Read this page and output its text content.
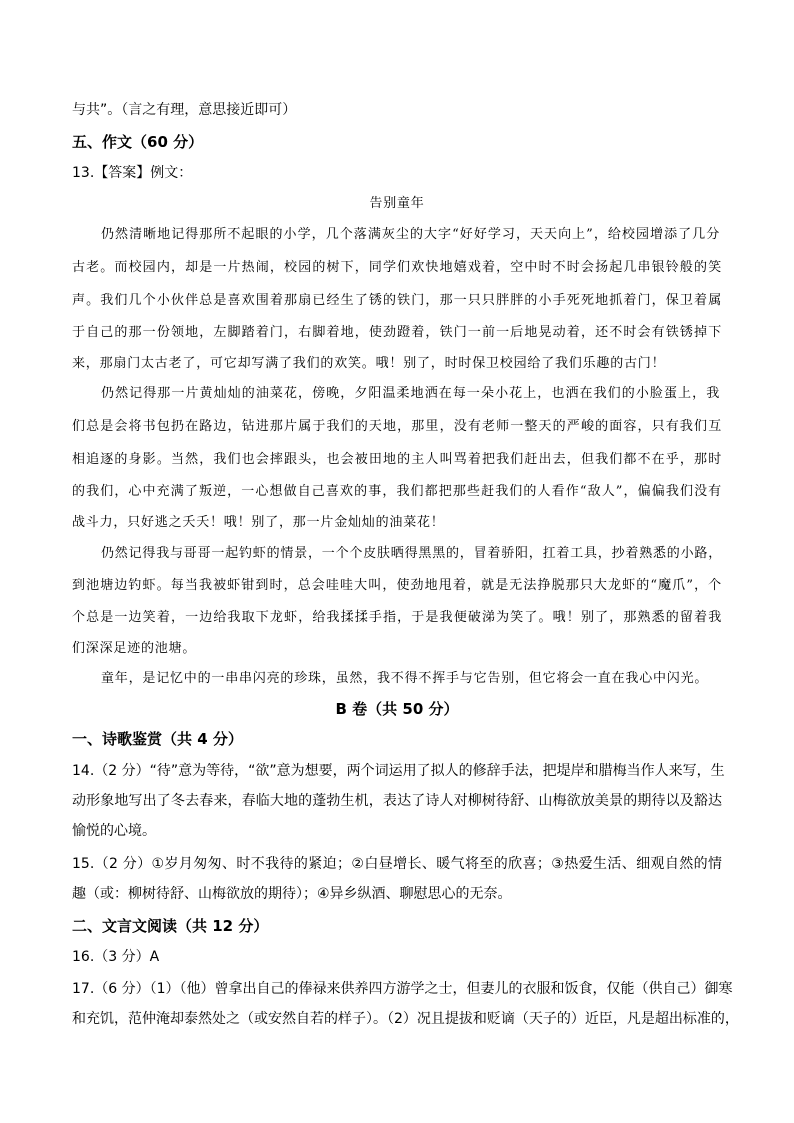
与共”。（言之有理，意思接近即可）
五、作文（60 分）
13.【答案】例文：
告别童年
仍然清晰地记得那所不起眼的小学，几个落满灰尘的大字“好好学习，天天向上”，给校园增添了几分
古老。而校园内，却是一片热闹，校园的树下，同学们欢快地嬉戏着，空中时不时会扬起几串银铃般的笑
声。我们几个小伙伴总是喜欢围着那扇已经生了锈的铁门，那一只只胖胖的小手死死地抓着门，保卫着属
于自己的那一份领地，左脚踏着门，右脚着地，使劲蹬着，铁门一前一后地晃动着，还不时会有铁锈掉下
来，那扇门太古老了，可它却写满了我们的欢笑。哦！别了，时时保卫校园给了我们乐趣的古门！
仍然记得那一片黄灿灿的油菜花，傍晚，夕阳温柔地洒在每一朵小花上，也洒在我们的小脸蛋上，我
们总是会将书包扔在路边，钻进那片属于我们的天地，那里，没有老师一整天的严峻的面容，只有我们互
相追逐的身影。当然，我们也会摔跟头，也会被田地的主人叫骂着把我们赶出去，但我们都不在乎，那时
的我们，心中充满了叛逆，一心想做自己喜欢的事，我们都把那些赶我们的人看作“敌人”，偏偏我们没有
战斗力，只好逃之夭夭！哦！别了，那一片金灿灿的油菜花！
仍然记得我与哥哥一起钓虾的情景，一个个皮肤晒得黑黑的，冒着骄阳，扛着工具，抄着熟悉的小路，
到池塘边钓虾。每当我被虾钳到时，总会哇哇大叫，使劲地甩着，就是无法挣脱那只大龙虾的“魔爪”，个
个总是一边笑着，一边给我取下龙虾，给我揉揉手指，于是我便破涕为笑了。哦！别了，那熟悉的留着我
们深深足迹的池塘。
童年，是记忆中的一串串闪亮的珍珠，虽然，我不得不挥手与它告别，但它将会一直在我心中闪光。
B 卷（共 50 分）
一、诗歌鉴赏（共 4 分）
14.（2 分）“待”意为等待，“欲”意为想要，两个词运用了拟人的修辞手法，把堤岸和腊梅当作人来写，生
动形象地写出了冬去春来，春临大地的蓬勃生机，表达了诗人对柳树待舒、山梅欲放美景的期待以及豁达
愉悦的心境。
15.（2 分）①岁月匆匆、时不我待的紧迫；②白昼增长、暖气将至的欣喜；③热爱生活、细观自然的情
趣（或：柳树待舒、山梅欲放的期待）；④异乡纵酒、聊慰思心的无奈。
二、文言文阅读（共 12 分）
16.（3 分）A
17.（6 分）（1）（他）曾拿出自己的俸禄来供养四方游学之士，但妻儿的衣服和饭食，仅能（供自己）御寒
和充饥，范仲淹却泰然处之（或安然自若的样子）。（2）况且提拔和贬谪（天子的）近臣，凡是超出标准的，
